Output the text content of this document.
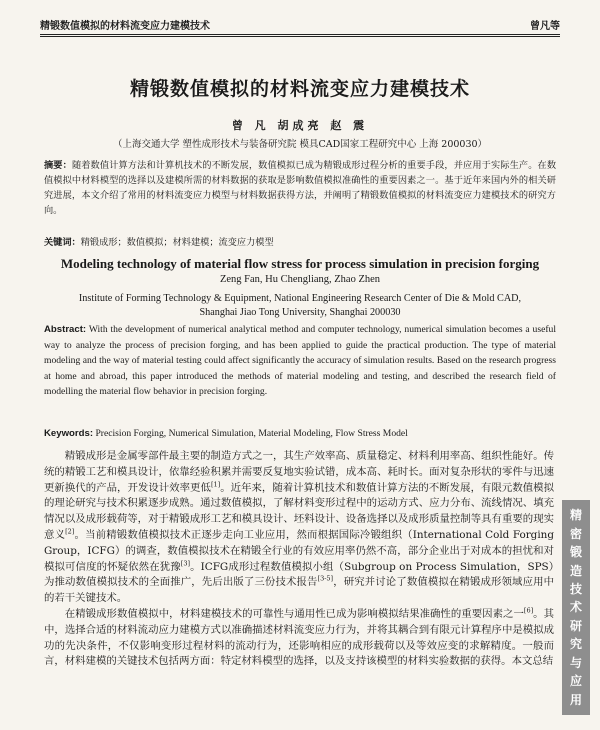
精锻数值模拟的材料流变应力建模技术	曾凡等
精锻数值模拟的材料流变应力建模技术
曾 凡 胡成亮 赵 震
（上海交通大学 塑性成形技术与装备研究院 模具CAD国家工程研究中心 上海 200030）
摘要：随着数值计算方法和计算机技术的不断发展，数值模拟已成为精锻成形过程分析的重要手段，并应用于实际生产。在数值模拟中材料模型的选择以及建模所需的材料数据的获取是影响数值模拟准确性的重要因素之一。基于近年来国内外的相关研究进展，本文介绍了常用的材料流变应力模型与材料数据获得方法，并阐明了精锻数值模拟的材料流变应力建模技术的研究方向。
关键词：精锻成形；数值模拟；材料建模；流变应力模型
Modeling technology of material flow stress for process simulation in precision forging
Zeng Fan, Hu Chengliang, Zhao Zhen
Institute of Forming Technology & Equipment, National Engineering Research Center of Die & Mold CAD,
Shanghai Jiao Tong University, Shanghai 200030
Abstract: With the development of numerical analytical method and computer technology, numerical simulation becomes a useful way to analyze the process of precision forging, and has been applied to guide the practical production. The type of material modeling and the way of material testing could affect significantly the accuracy of simulation results. Based on the research progress at home and abroad, this paper introduced the methods of material modeling and testing, and described the research field of modelling the material flow behavior in precision forging.
Keywords: Precision Forging, Numerical Simulation, Material Modeling, Flow Stress Model

精锻成形是金属零部件最主要的制造方式之一，其生产效率高、质量稳定、材料利用率高、组织性能好。传统的精锻工艺和模具设计，依靠经验积累并需要反复地实验试错，成本高、耗时长。面对复杂形状的零件与迅速更新换代的产品，开发设计效率更低[1]。近年来，随着计算机技术和数值计算方法的不断发展，有限元数值模拟的理论研究与技术积累逐步成熟。通过数值模拟，了解材料变形过程中的运动方式、应力分布、流线情况、填充情况以及成形载荷等，对于精锻成形工艺和模具设计、坯料设计、设备选择以及成形质量控制等具有重要的现实意义[2]。当前精锻数值模拟技术正逐步走向工业应用，然而根据国际冷锻组织（International Cold Forging Group，ICFG）的调查，数值模拟技术在精锻全行业的有效应用率仍然不高，部分企业出于对成本的担忧和对模拟可信度的怀疑依然在犹豫[3]。ICFG成形过程数值模拟小组（Subgroup on Process Simulation，SPS）为推动数值模拟技术的全面推广，先后出版了三份技术报告[3-5]，研究并讨论了数值模拟在精锻成形领域应用中的若干关键技术。

在精锻成形数值模拟中，材料建模技术的可靠性与通用性已成为影响模拟结果准确性的重要因素之一[6]。其中，选择合适的材料流动应力建模方式以准确描述材料流变应力行为，并将其耦合到有限元计算程序中是模拟成功的先决条件，不仅影响变形过程材料的流动行为，还影响相应的成形载荷以及等效应变的求解精度。一般而言，材料建模的关键技术包括两方面：特定材料模型的选择，以及支持该模型的材料实验数据的获得。本文总结

精
密
锻
造
技
术
研
究
与
应
用
